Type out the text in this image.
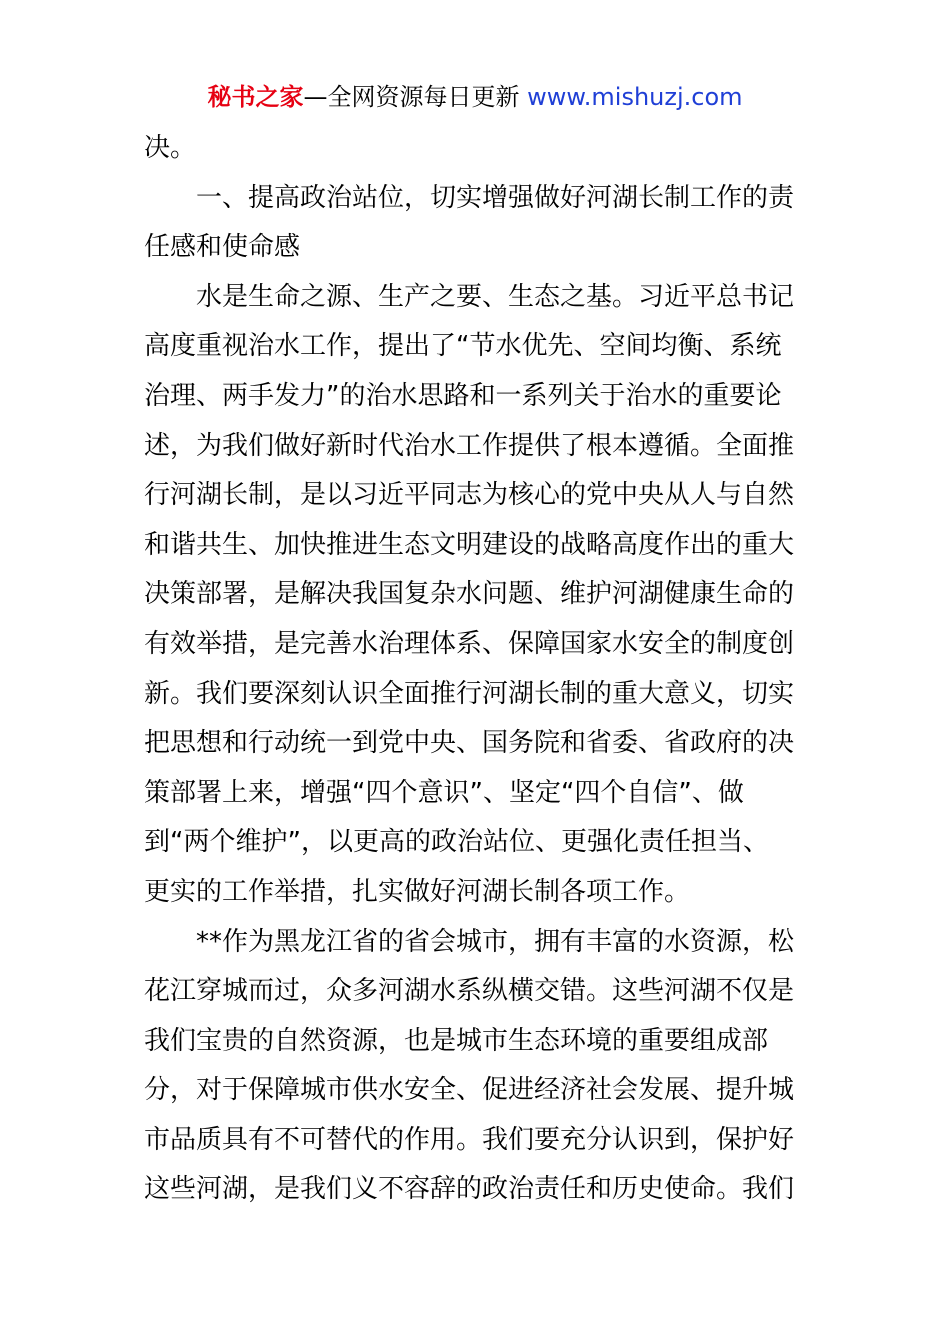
秘书之家—全网资源每日更新 www.mishuzj.com
决。
一、提高政治站位，切实增强做好河湖长制工作的责
任感和使命感
水是生命之源、生产之要、生态之基。习近平总书记
高度重视治水工作，提出了“节水优先、空间均衡、系统
治理、两手发力”的治水思路和一系列关于治水的重要论
述，为我们做好新时代治水工作提供了根本遵循。全面推
行河湖长制，是以习近平同志为核心的党中央从人与自然
和谐共生、加快推进生态文明建设的战略高度作出的重大
决策部署，是解决我国复杂水问题、维护河湖健康生命的
有效举措，是完善水治理体系、保障国家水安全的制度创
新。我们要深刻认识全面推行河湖长制的重大意义，切实
把思想和行动统一到党中央、国务院和省委、省政府的决
策部署上来，增强“四个意识”、坚定“四个自信”、做
到“两个维护”，以更高的政治站位、更强化责任担当、
更实的工作举措，扎实做好河湖长制各项工作。
**作为黑龙江省的省会城市，拥有丰富的水资源，松
花江穿城而过，众多河湖水系纵横交错。这些河湖不仅是
我们宝贵的自然资源，也是城市生态环境的重要组成部
分，对于保障城市供水安全、促进经济社会发展、提升城
市品质具有不可替代的作用。我们要充分认识到，保护好
这些河湖，是我们义不容辞的政治责任和历史使命。我们
